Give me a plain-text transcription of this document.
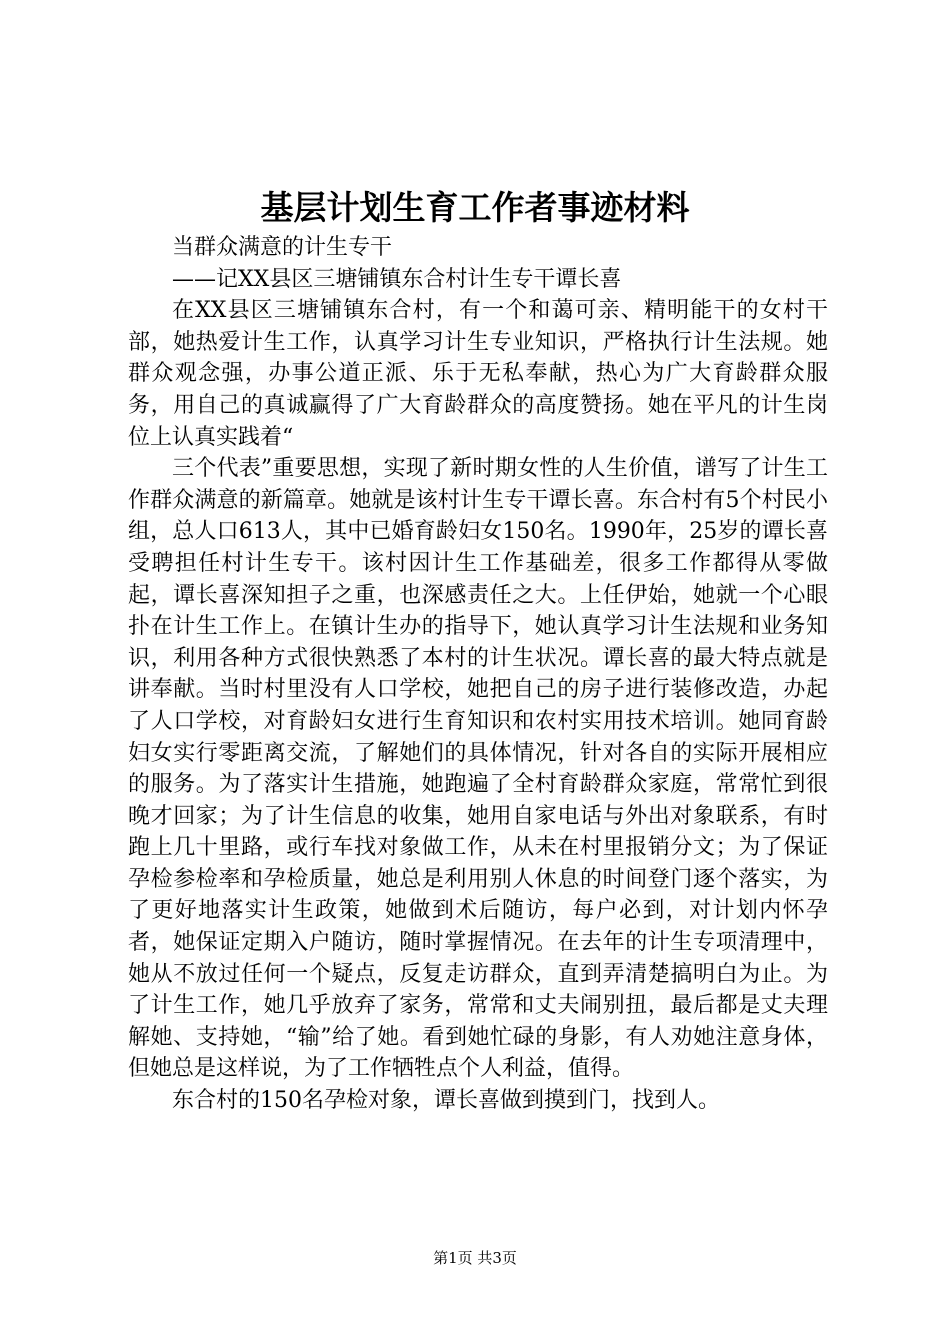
基层计划生育工作者事迹材料

当群众满意的计生专干

——记XX县区三塘铺镇东合村计生专干谭长喜

在XX县区三塘铺镇东合村，有一个和蔼可亲、精明能干的女村干部，她热爱计生工作，认真学习计生专业知识，严格执行计生法规。她群众观念强，办事公道正派、乐于无私奉献，热心为广大育龄群众服务，用自己的真诚赢得了广大育龄群众的高度赞扬。她在平凡的计生岗位上认真实践着“

三个代表”重要思想，实现了新时期女性的人生价值，谱写了计生工作群众满意的新篇章。她就是该村计生专干谭长喜。东合村有5个村民小组，总人口613人，其中已婚育龄妇女150名。1990年，25岁的谭长喜受聘担任村计生专干。该村因计生工作基础差，很多工作都得从零做起，谭长喜深知担子之重，也深感责任之大。上任伊始，她就一个心眼扑在计生工作上。在镇计生办的指导下，她认真学习计生法规和业务知识，利用各种方式很快熟悉了本村的计生状况。谭长喜的最大特点就是讲奉献。当时村里没有人口学校，她把自己的房子进行装修改造，办起了人口学校，对育龄妇女进行生育知识和农村实用技术培训。她同育龄妇女实行零距离交流，了解她们的具体情况，针对各自的实际开展相应的服务。为了落实计生措施，她跑遍了全村育龄群众家庭，常常忙到很晚才回家；为了计生信息的收集，她用自家电话与外出对象联系，有时跑上几十里路，或行车找对象做工作，从未在村里报销分文；为了保证孕检参检率和孕检质量，她总是利用别人休息的时间登门逐个落实，为了更好地落实计生政策，她做到术后随访，每户必到，对计划内怀孕者，她保证定期入户随访，随时掌握情况。在去年的计生专项清理中，她从不放过任何一个疑点，反复走访群众，直到弄清楚搞明白为止。为了计生工作，她几乎放弃了家务，常常和丈夫闹别扭，最后都是丈夫理解她、支持她，“输”给了她。看到她忙碌的身影，有人劝她注意身体，但她总是这样说，为了工作牺牲点个人利益，值得。

东合村的150名孕检对象，谭长喜做到摸到门，找到人。

第1页 共3页
